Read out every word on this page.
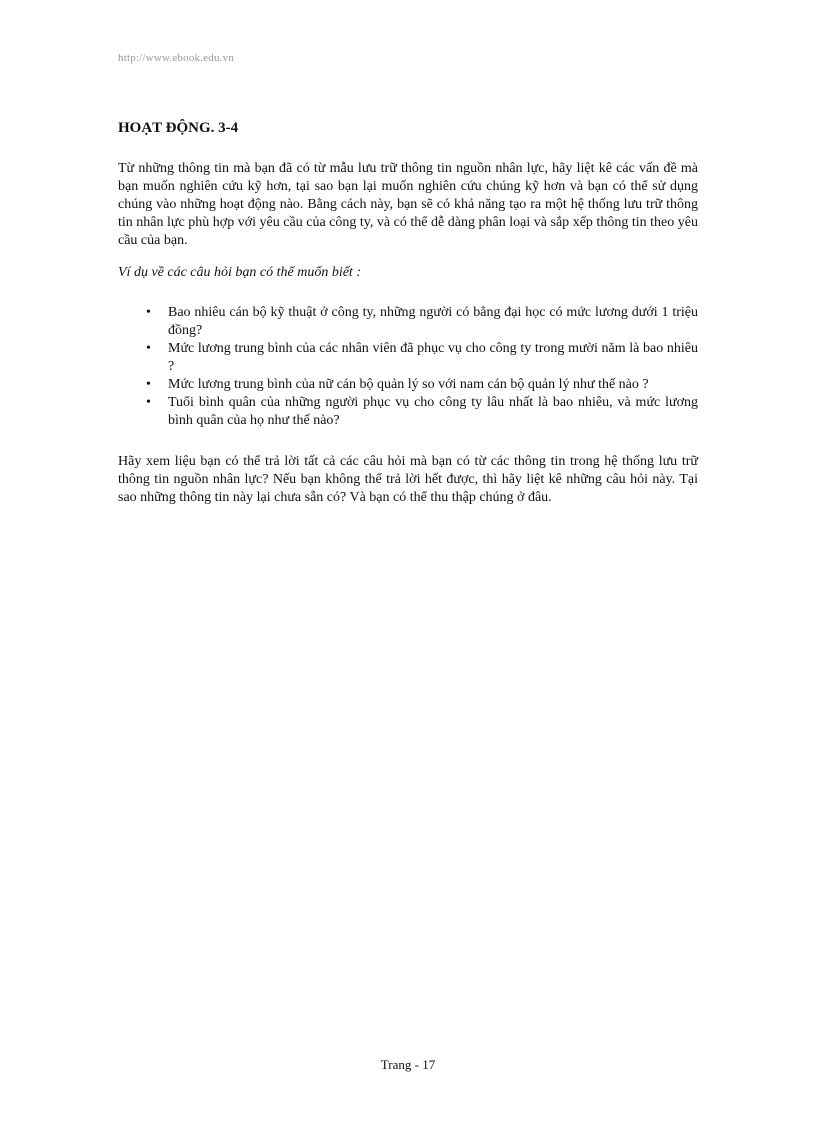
http://www.ebook.edu.vn
HOẠT ĐỘNG. 3-4

Từ những thông tin mà bạn đã có từ mẫu lưu trữ thông tin nguồn nhân lực, hãy liệt kê các vấn đề mà bạn muốn nghiên cứu kỹ hơn, tại sao bạn lại muốn nghiên cứu chúng kỹ hơn và bạn có thể sử dụng chúng vào những hoạt động nào. Bằng cách này, bạn sẽ có khả năng tạo ra một hệ thống lưu trữ thông tin nhân lực phù hợp với yêu cầu của công ty, và có thể dễ dàng phân loại và sắp xếp thông tin theo yêu cầu của bạn.

Ví dụ về các câu hỏi bạn có thể muốn biết :

• Bao nhiêu cán bộ kỹ thuật ở công ty, những người có bằng đại học có mức lương dưới 1 triệu đồng?
• Mức lương trung bình của các nhân viên đã phục vụ cho công ty trong mười năm là bao nhiêu ?
• Mức lương trung bình của nữ cán bộ quản lý so với nam cán bộ quản lý như thế nào ?
• Tuổi bình quân của những người phục vụ cho công ty lâu nhất là bao nhiêu, và mức lương bình quân của họ như thế nào?

Hãy xem liệu bạn có thể trả lời tất cả các câu hỏi mà bạn có từ các thông tin trong hệ thống lưu trữ thông tin nguồn nhân lực? Nếu bạn không thể trả lời hết được, thì hãy liệt kê những câu hỏi này. Tại sao những thông tin này lại chưa sẵn có? Và bạn có thể thu thập chúng ở đâu.

Trang - 17
